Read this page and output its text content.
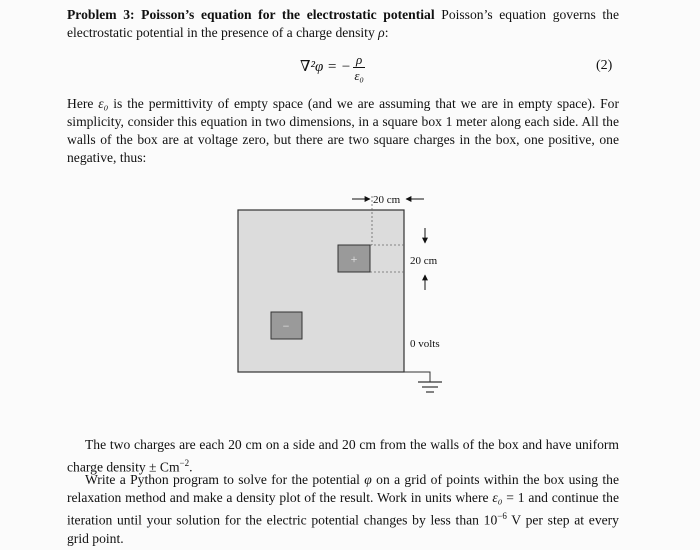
Problem 3: Poisson’s equation for the electrostatic potential Poisson’s equation governs the electrostatic potential in the presence of a charge density ρ:
∇²φ = − $\frac{\rho}{\text{ε₀}}$	(2)
Here ε₀ is the permittivity of empty space (and we are assuming that we are in empty space). For simplicity, consider this equation in two dimensions, in a square box 1 meter along each side. All the walls of the box are at voltage zero, but there are two square charges in the box, one positive, one negative, thus:
+
−
20 cm
20 cm
0 volts
The two charges are each 20 cm on a side and 20 cm from the walls of the box and have uniform charge density ± $Cm^{-2}$.
Write a Python program to solve for the potential φ on a grid of points within the box using the relaxation method and make a density plot of the result. Work in units where ε₀ = 1 and continue the iteration until your solution for the electric potential changes by less than $10^{-6}$ V per step at every grid point.
